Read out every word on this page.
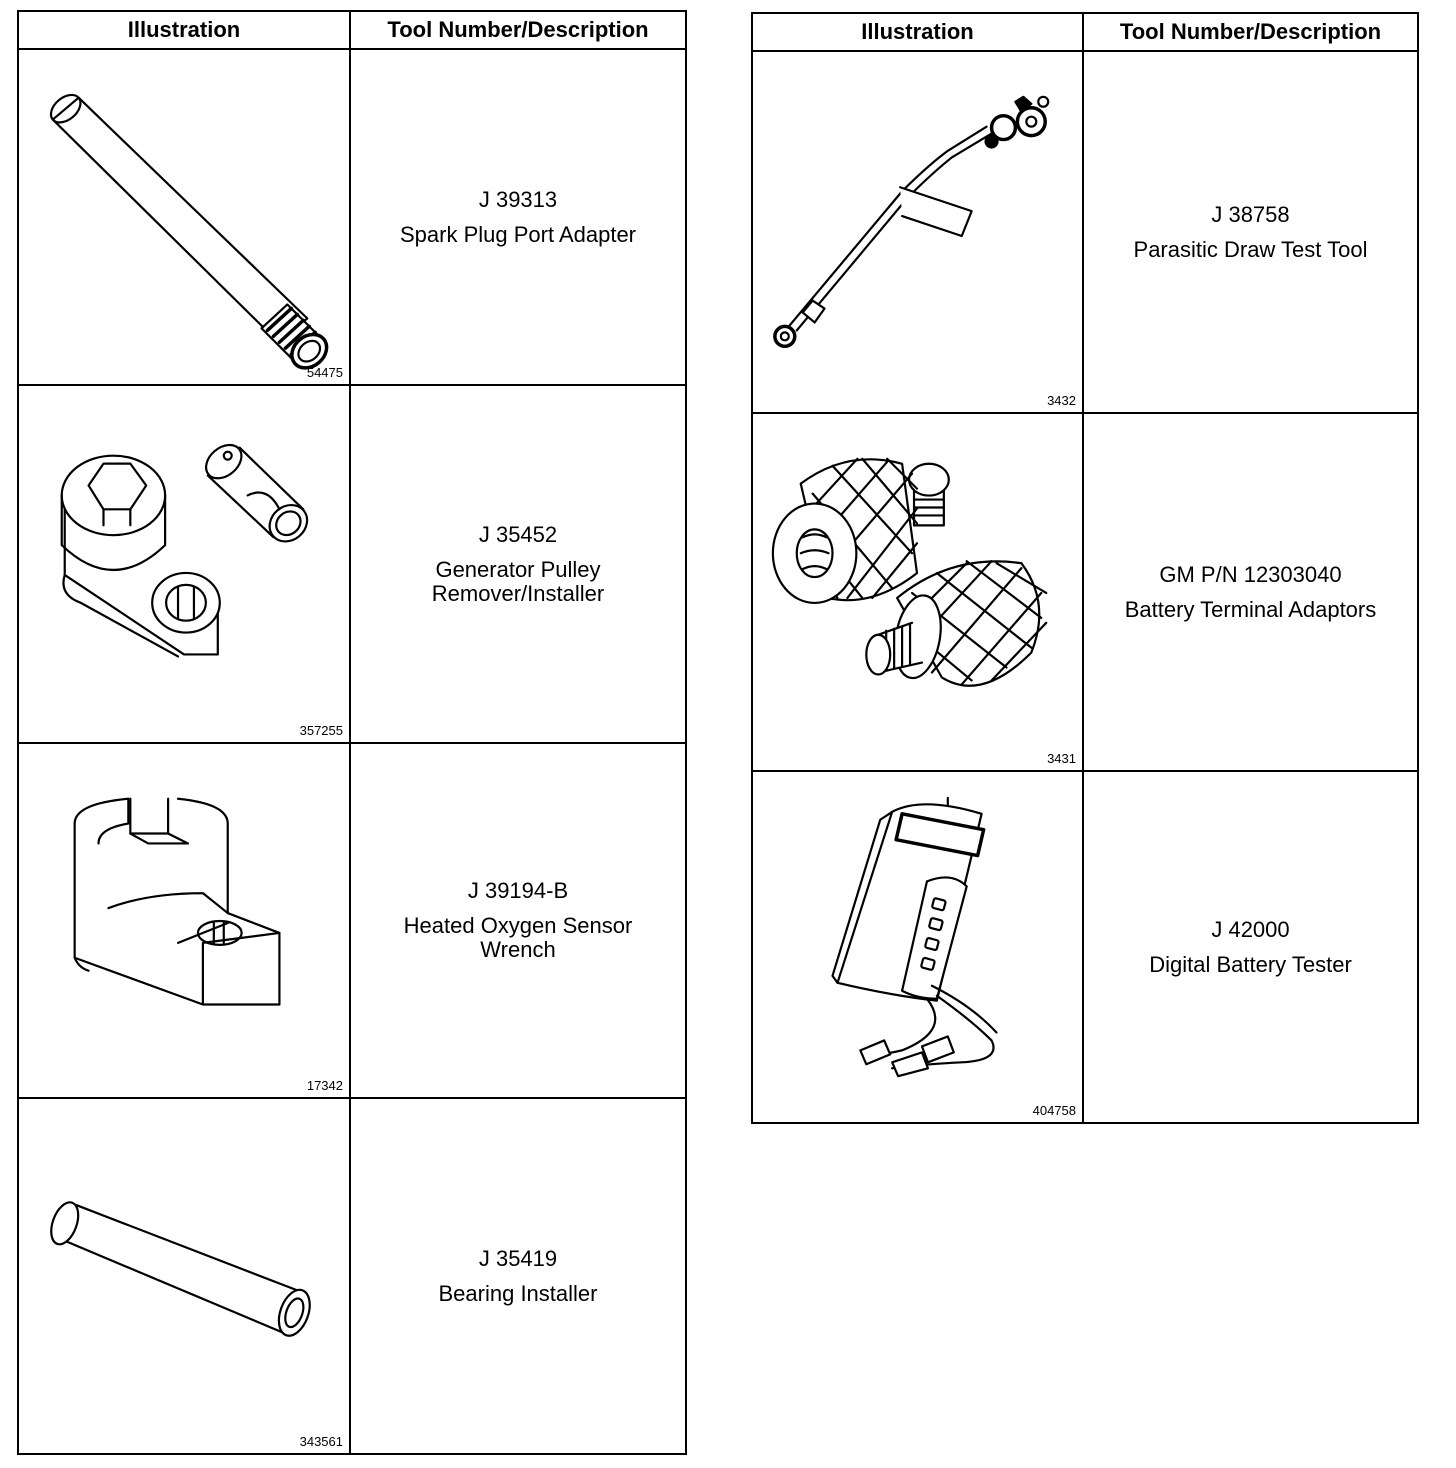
Illustration	Tool Number/Description

54475	J 39313
Spark Plug Port Adapter

357255	J 35452
Generator Pulley
Remover/Installer

17342	J 39194-B
Heated Oxygen Sensor
Wrench

343561	J 35419
Bearing Installer
Illustration	Tool Number/Description

3432	J 38758
Parasitic Draw Test Tool

3431	GM P/N 12303040
Battery Terminal Adaptors

404758	J 42000
Digital Battery Tester
